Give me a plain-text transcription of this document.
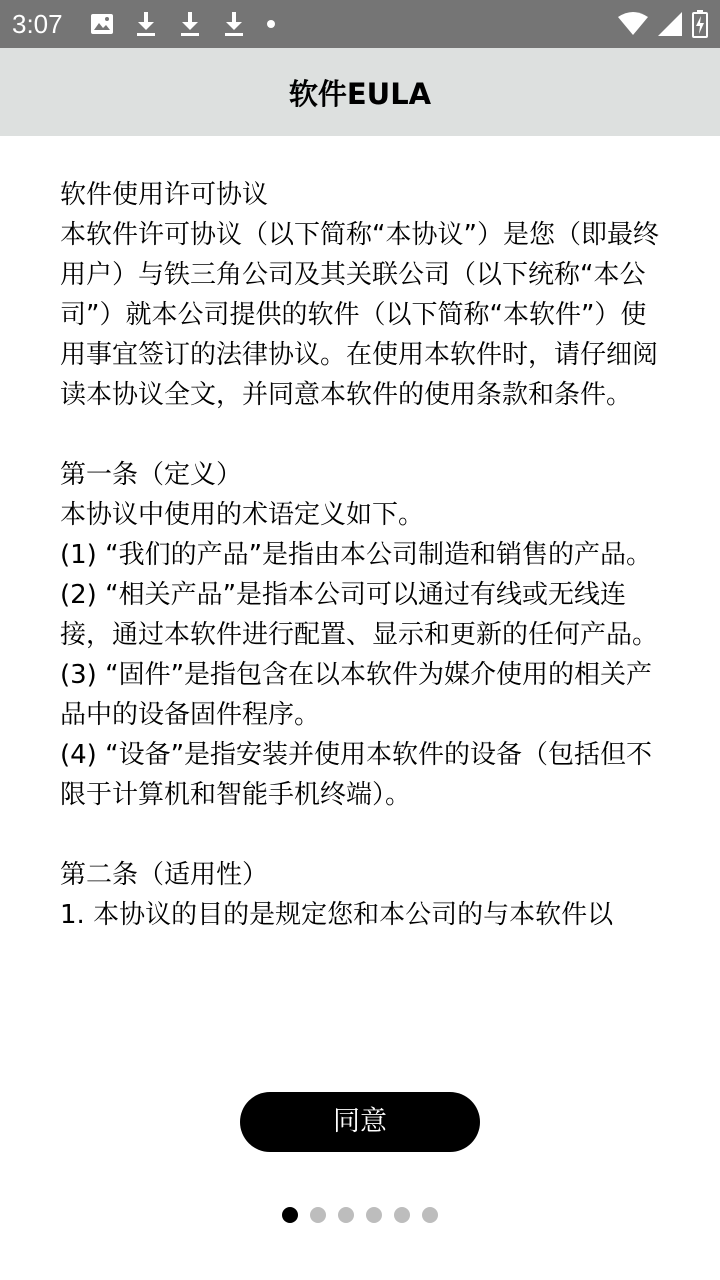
3:07
软件EULA

软件使用许可协议
本软件许可协议（以下简称“本协议”）是您（即最终用户）与铁三角公司及其关联公司（以下统称“本公司”）就本公司提供的软件（以下简称“本软件”）使用事宜签订的法律协议。在使用本软件时，请仔细阅读本协议全文，并同意本软件的使用条款和条件。

第一条（定义）
本协议中使用的术语定义如下。
(1) “我们的产品”是指由本公司制造和销售的产品。
(2) “相关产品”是指本公司可以通过有线或无线连接，通过本软件进行配置、显示和更新的任何产品。
(3) “固件”是指包含在以本软件为媒介使用的相关产品中的设备固件程序。
(4) “设备”是指安装并使用本软件的设备（包括但不限于计算机和智能手机终端）。

第二条（适用性）
1. 本协议的目的是规定您和本公司的与本软件以

同意
